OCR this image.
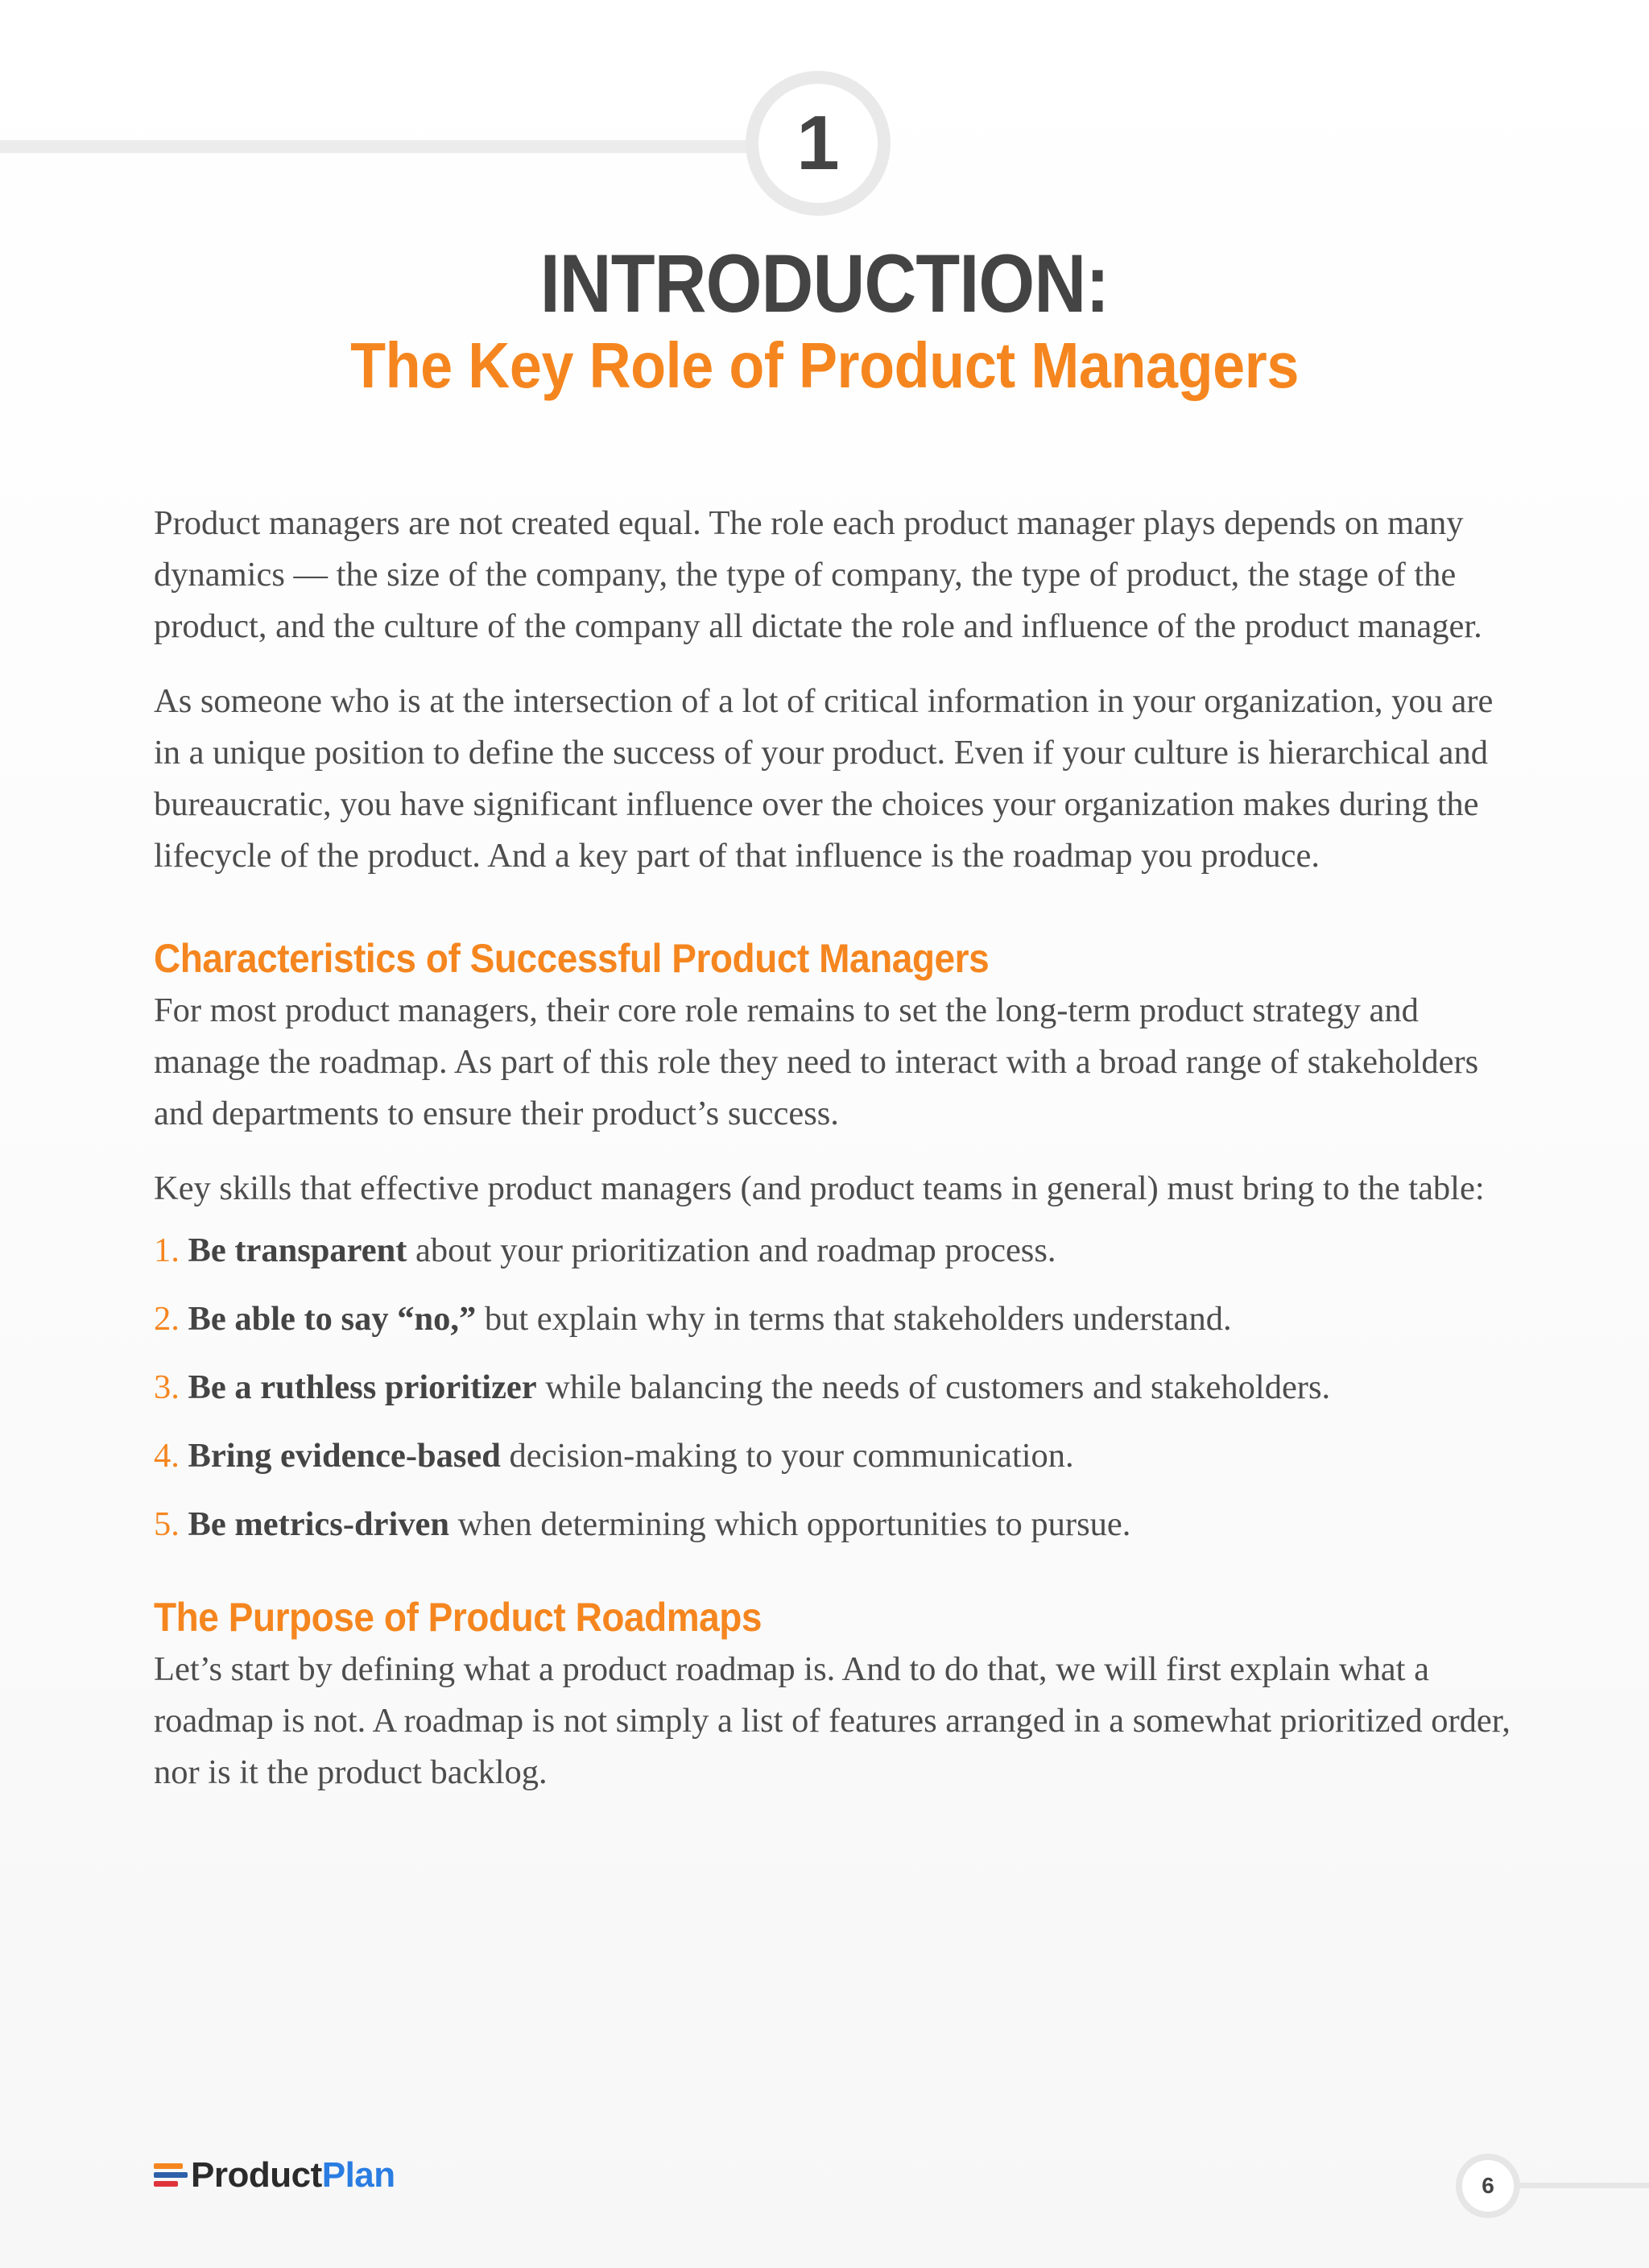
1
INTRODUCTION:
The Key Role of Product Managers

Product managers are not created equal. The role each product manager plays depends on many dynamics — the size of the company, the type of company, the type of product, the stage of the product, and the culture of the company all dictate the role and influence of the product manager.

As someone who is at the intersection of a lot of critical information in your organization, you are in a unique position to define the success of your product. Even if your culture is hierarchical and bureaucratic, you have significant influence over the choices your organization makes during the lifecycle of the product. And a key part of that influence is the roadmap you produce.

Characteristics of Successful Product Managers

For most product managers, their core role remains to set the long-term product strategy and manage the roadmap. As part of this role they need to interact with a broad range of stakeholders and departments to ensure their product’s success.

Key skills that effective product managers (and product teams in general) must bring to the table:

1. Be transparent about your prioritization and roadmap process.
2. Be able to say “no,” but explain why in terms that stakeholders understand.
3. Be a ruthless prioritizer while balancing the needs of customers and stakeholders.
4. Bring evidence-based decision-making to your communication.
5. Be metrics-driven when determining which opportunities to pursue.
The Purpose of Product Roadmaps

Let’s start by defining what a product roadmap is. And to do that, we will first explain what a roadmap is not. A roadmap is not simply a list of features arranged in a somewhat prioritized order, nor is it the product backlog.

ProductPlan	6
